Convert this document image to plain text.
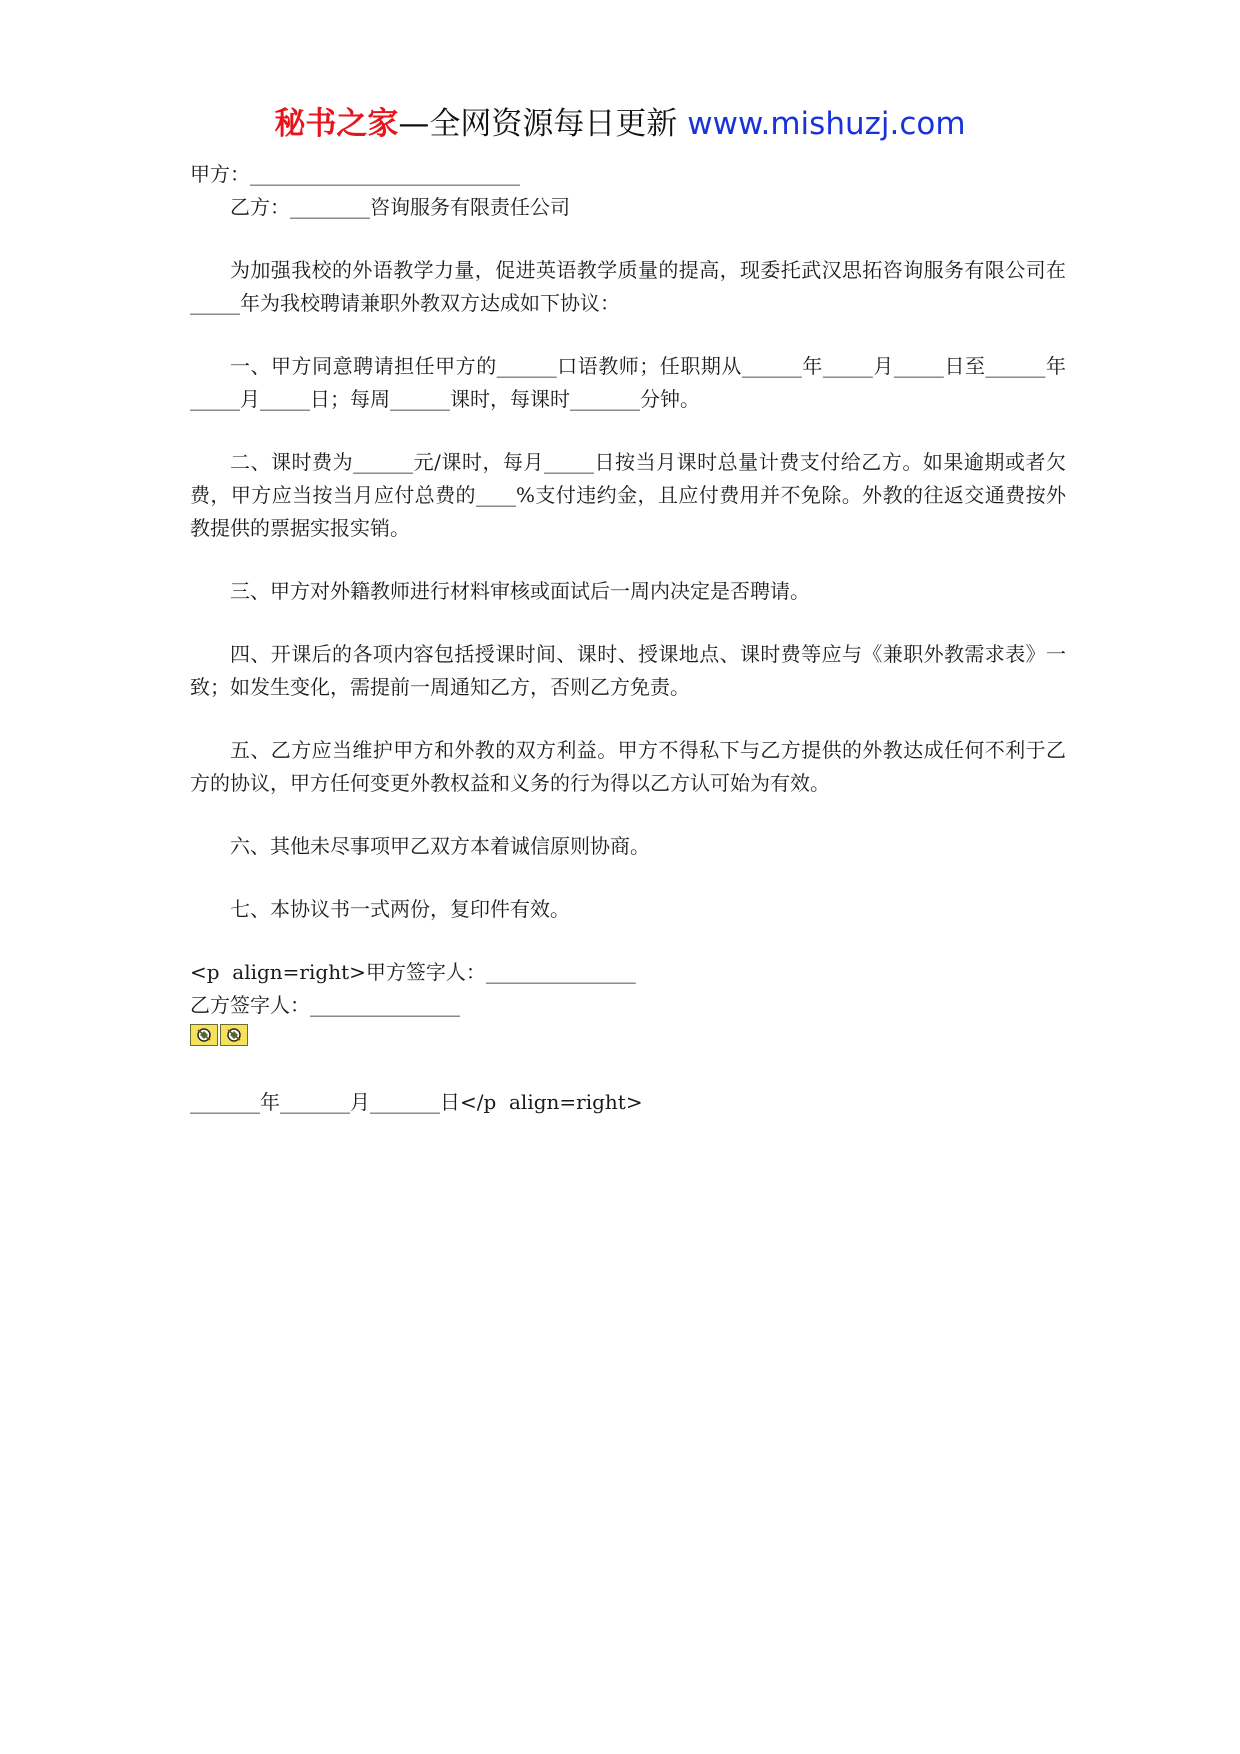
秘书之家—全网资源每日更新 www.mishuzj.com

甲方：___________________________

乙方：________咨询服务有限责任公司

为加强我校的外语教学力量，促进英语教学质量的提高，现委托武汉思拓咨询服务有限公司在_____年为我校聘请兼职外教双方达成如下协议：

一、甲方同意聘请担任甲方的______口语教师；任职期从______年_____月_____日至______年_____月_____日；每周______课时，每课时_______分钟。

二、课时费为______元/课时，每月_____日按当月课时总量计费支付给乙方。如果逾期或者欠费，甲方应当按当月应付总费的____%支付违约金，且应付费用并不免除。外教的往返交通费按外教提供的票据实报实销。

三、甲方对外籍教师进行材料审核或面试后一周内决定是否聘请。

四、开课后的各项内容包括授课时间、课时、授课地点、课时费等应与《兼职外教需求表》一致；如发生变化，需提前一周通知乙方，否则乙方免责。

五、乙方应当维护甲方和外教的双方利益。甲方不得私下与乙方提供的外教达成任何不利于乙方的协议，甲方任何变更外教权益和义务的行为得以乙方认可始为有效。

六、其他未尽事项甲乙双方本着诚信原则协商。

七、本协议书一式两份，复印件有效。

<p  align=right>甲方签字人：_______________

乙方签字人：_______________

_______年_______月_______日</p  align=right>
